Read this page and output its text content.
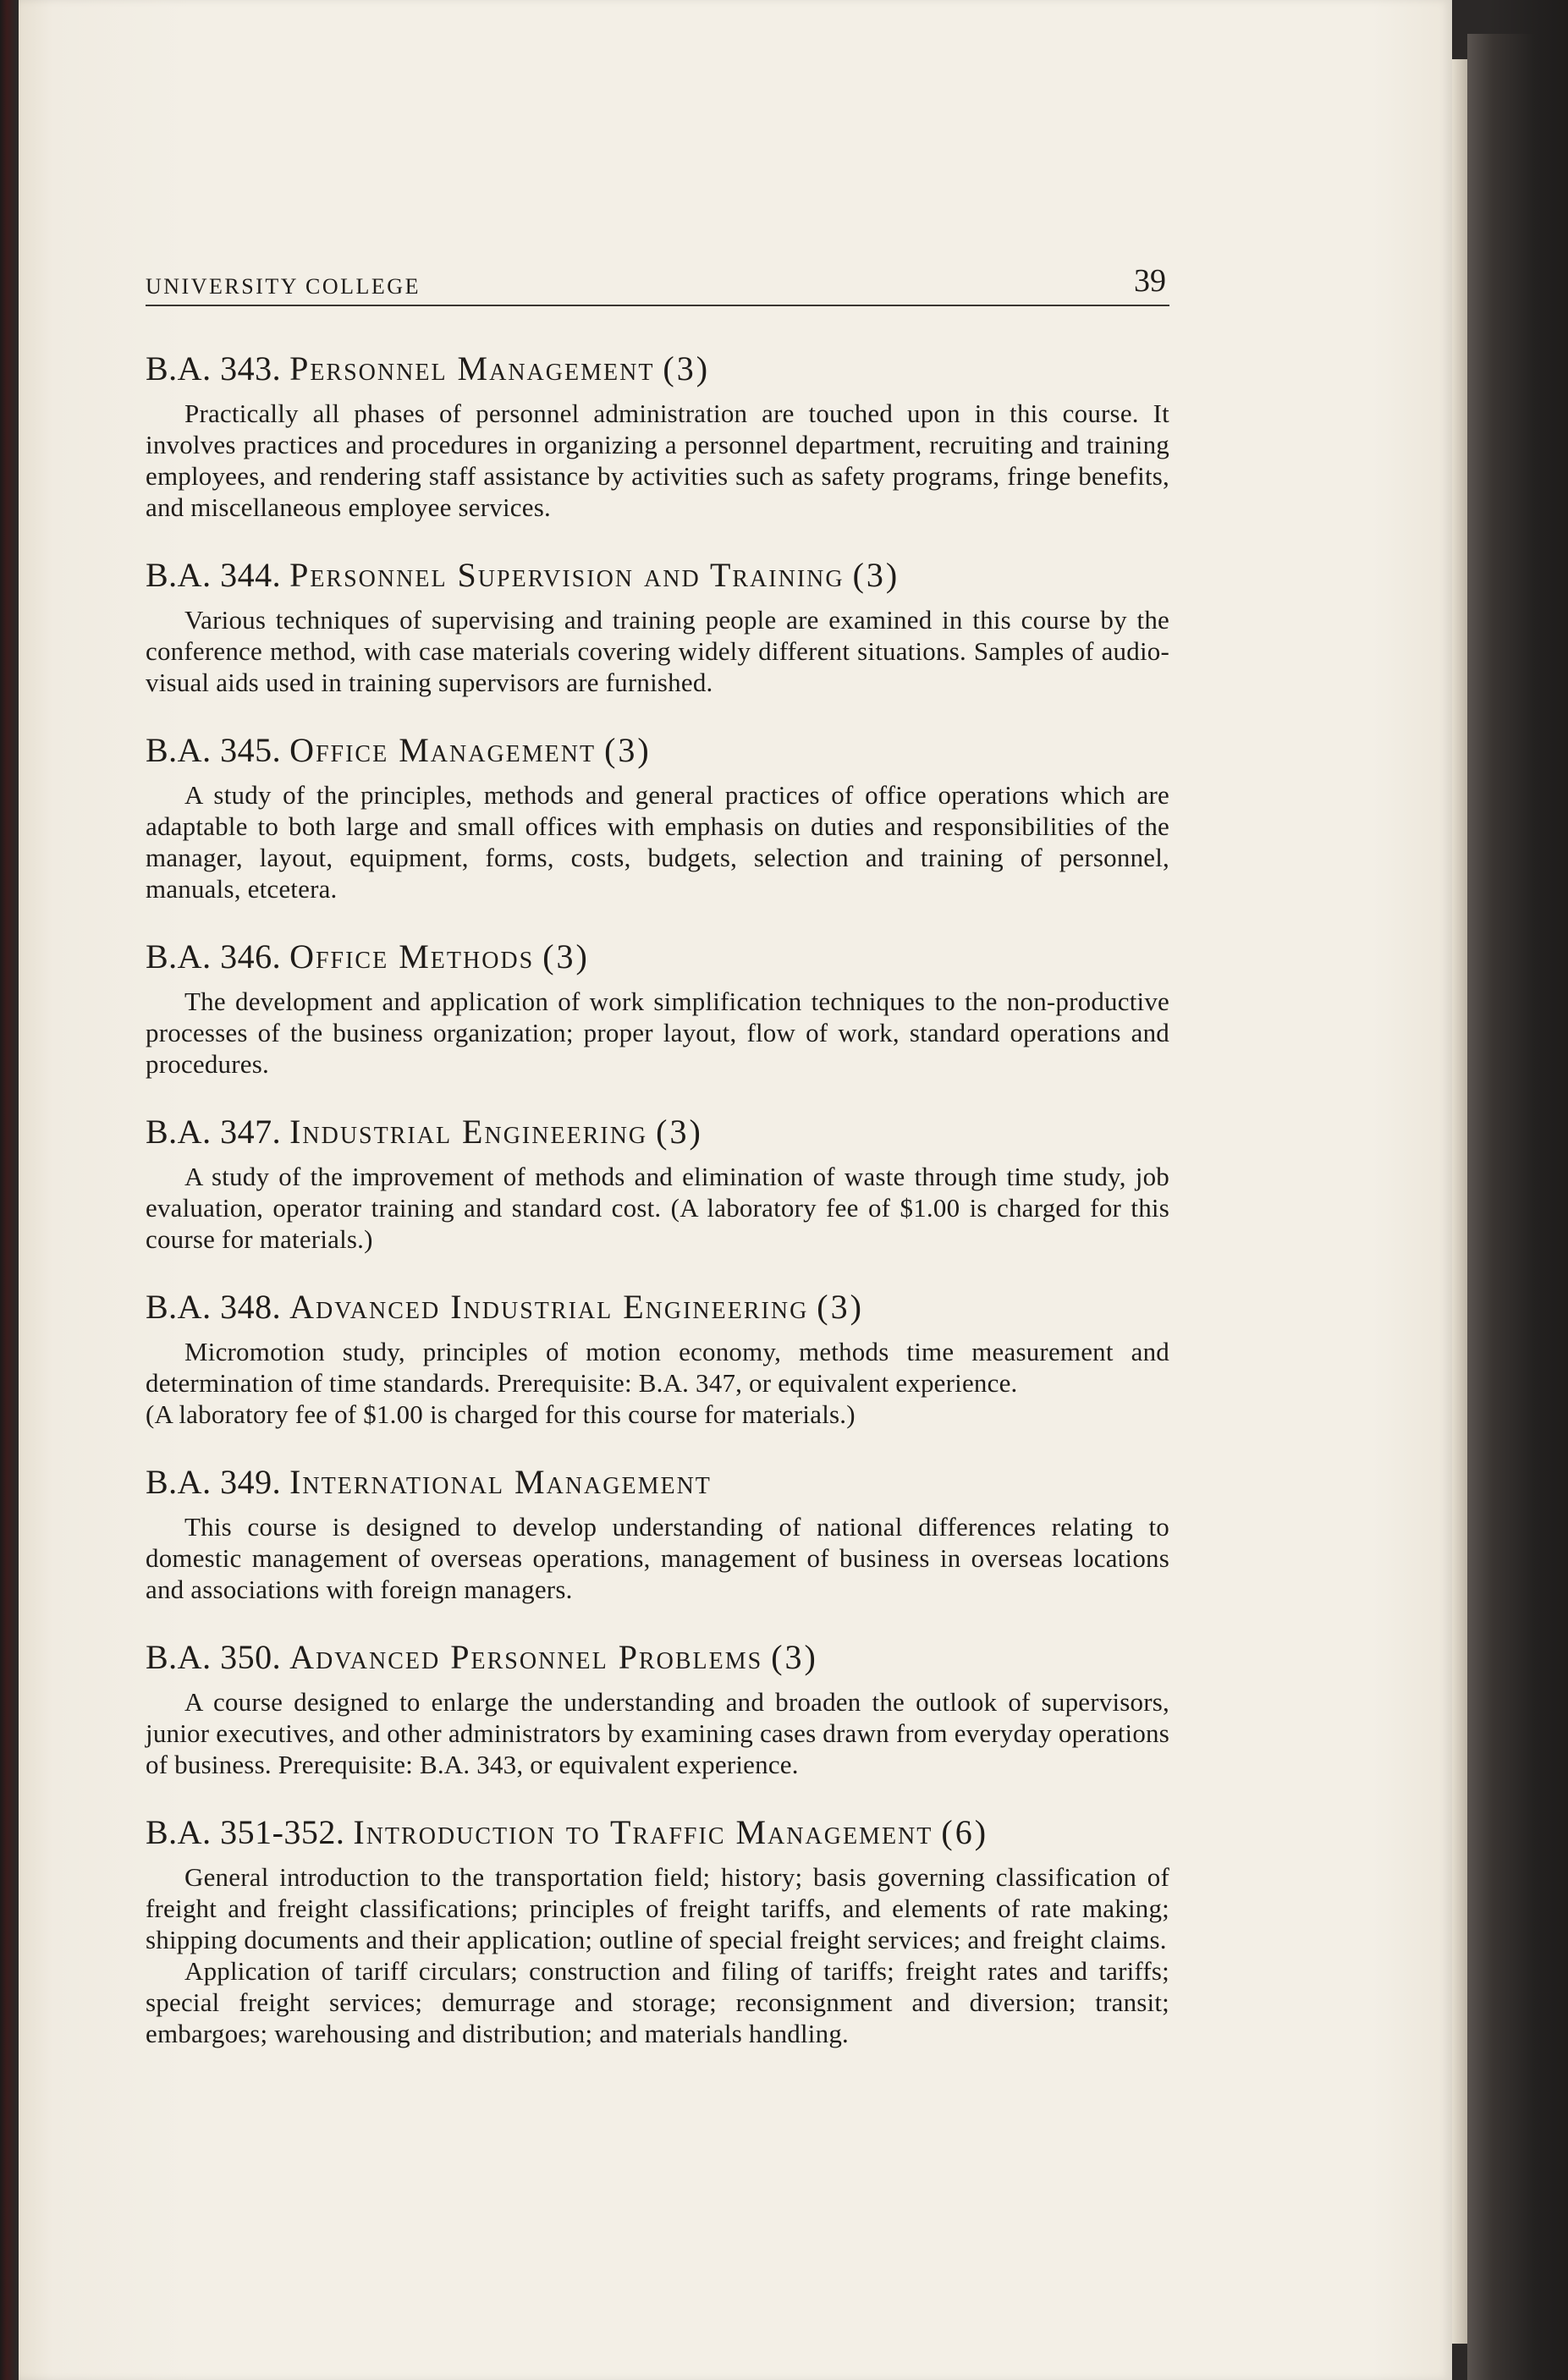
UNIVERSITY COLLEGE	39
B.A. 343. Personnel Management (3)

Practically all phases of personnel administration are touched upon in this course. It involves practices and procedures in organizing a personnel department, recruiting and training employees, and rendering staff assistance by activities such as safety programs, fringe benefits, and miscellaneous employee services.

B.A. 344. Personnel Supervision and Training (3)

Various techniques of supervising and training people are examined in this course by the conference method, with case materials covering widely different situations. Samples of audio-visual aids used in training supervisors are furnished.

B.A. 345. Office Management (3)

A study of the principles, methods and general practices of office operations which are adaptable to both large and small offices with emphasis on duties and responsibilities of the manager, layout, equipment, forms, costs, budgets, selection and training of personnel, manuals, etcetera.

B.A. 346. Office Methods (3)

The development and application of work simplification techniques to the non-productive processes of the business organization; proper layout, flow of work, standard operations and procedures.

B.A. 347. Industrial Engineering (3)

A study of the improvement of methods and elimination of waste through time study, job evaluation, operator training and standard cost. (A laboratory fee of $1.00 is charged for this course for materials.)

B.A. 348. Advanced Industrial Engineering (3)

Micromotion study, principles of motion economy, methods time measurement and determination of time standards. Prerequisite: B.A. 347, or equivalent experience.

(A laboratory fee of $1.00 is charged for this course for materials.)

B.A. 349. International Management

This course is designed to develop understanding of national differences relating to domestic management of overseas operations, management of business in overseas locations and associations with foreign managers.

B.A. 350. Advanced Personnel Problems (3)

A course designed to enlarge the understanding and broaden the outlook of supervisors, junior executives, and other administrators by examining cases drawn from everyday operations of business. Prerequisite: B.A. 343, or equivalent experience.

B.A. 351-352. Introduction to Traffic Management (6)

General introduction to the transportation field; history; basis governing classification of freight and freight classifications; principles of freight tariffs, and elements of rate making; shipping documents and their application; outline of special freight services; and freight claims.

Application of tariff circulars; construction and filing of tariffs; freight rates and tariffs; special freight services; demurrage and storage; reconsignment and diversion; transit; embargoes; warehousing and distribution; and materials handling.
